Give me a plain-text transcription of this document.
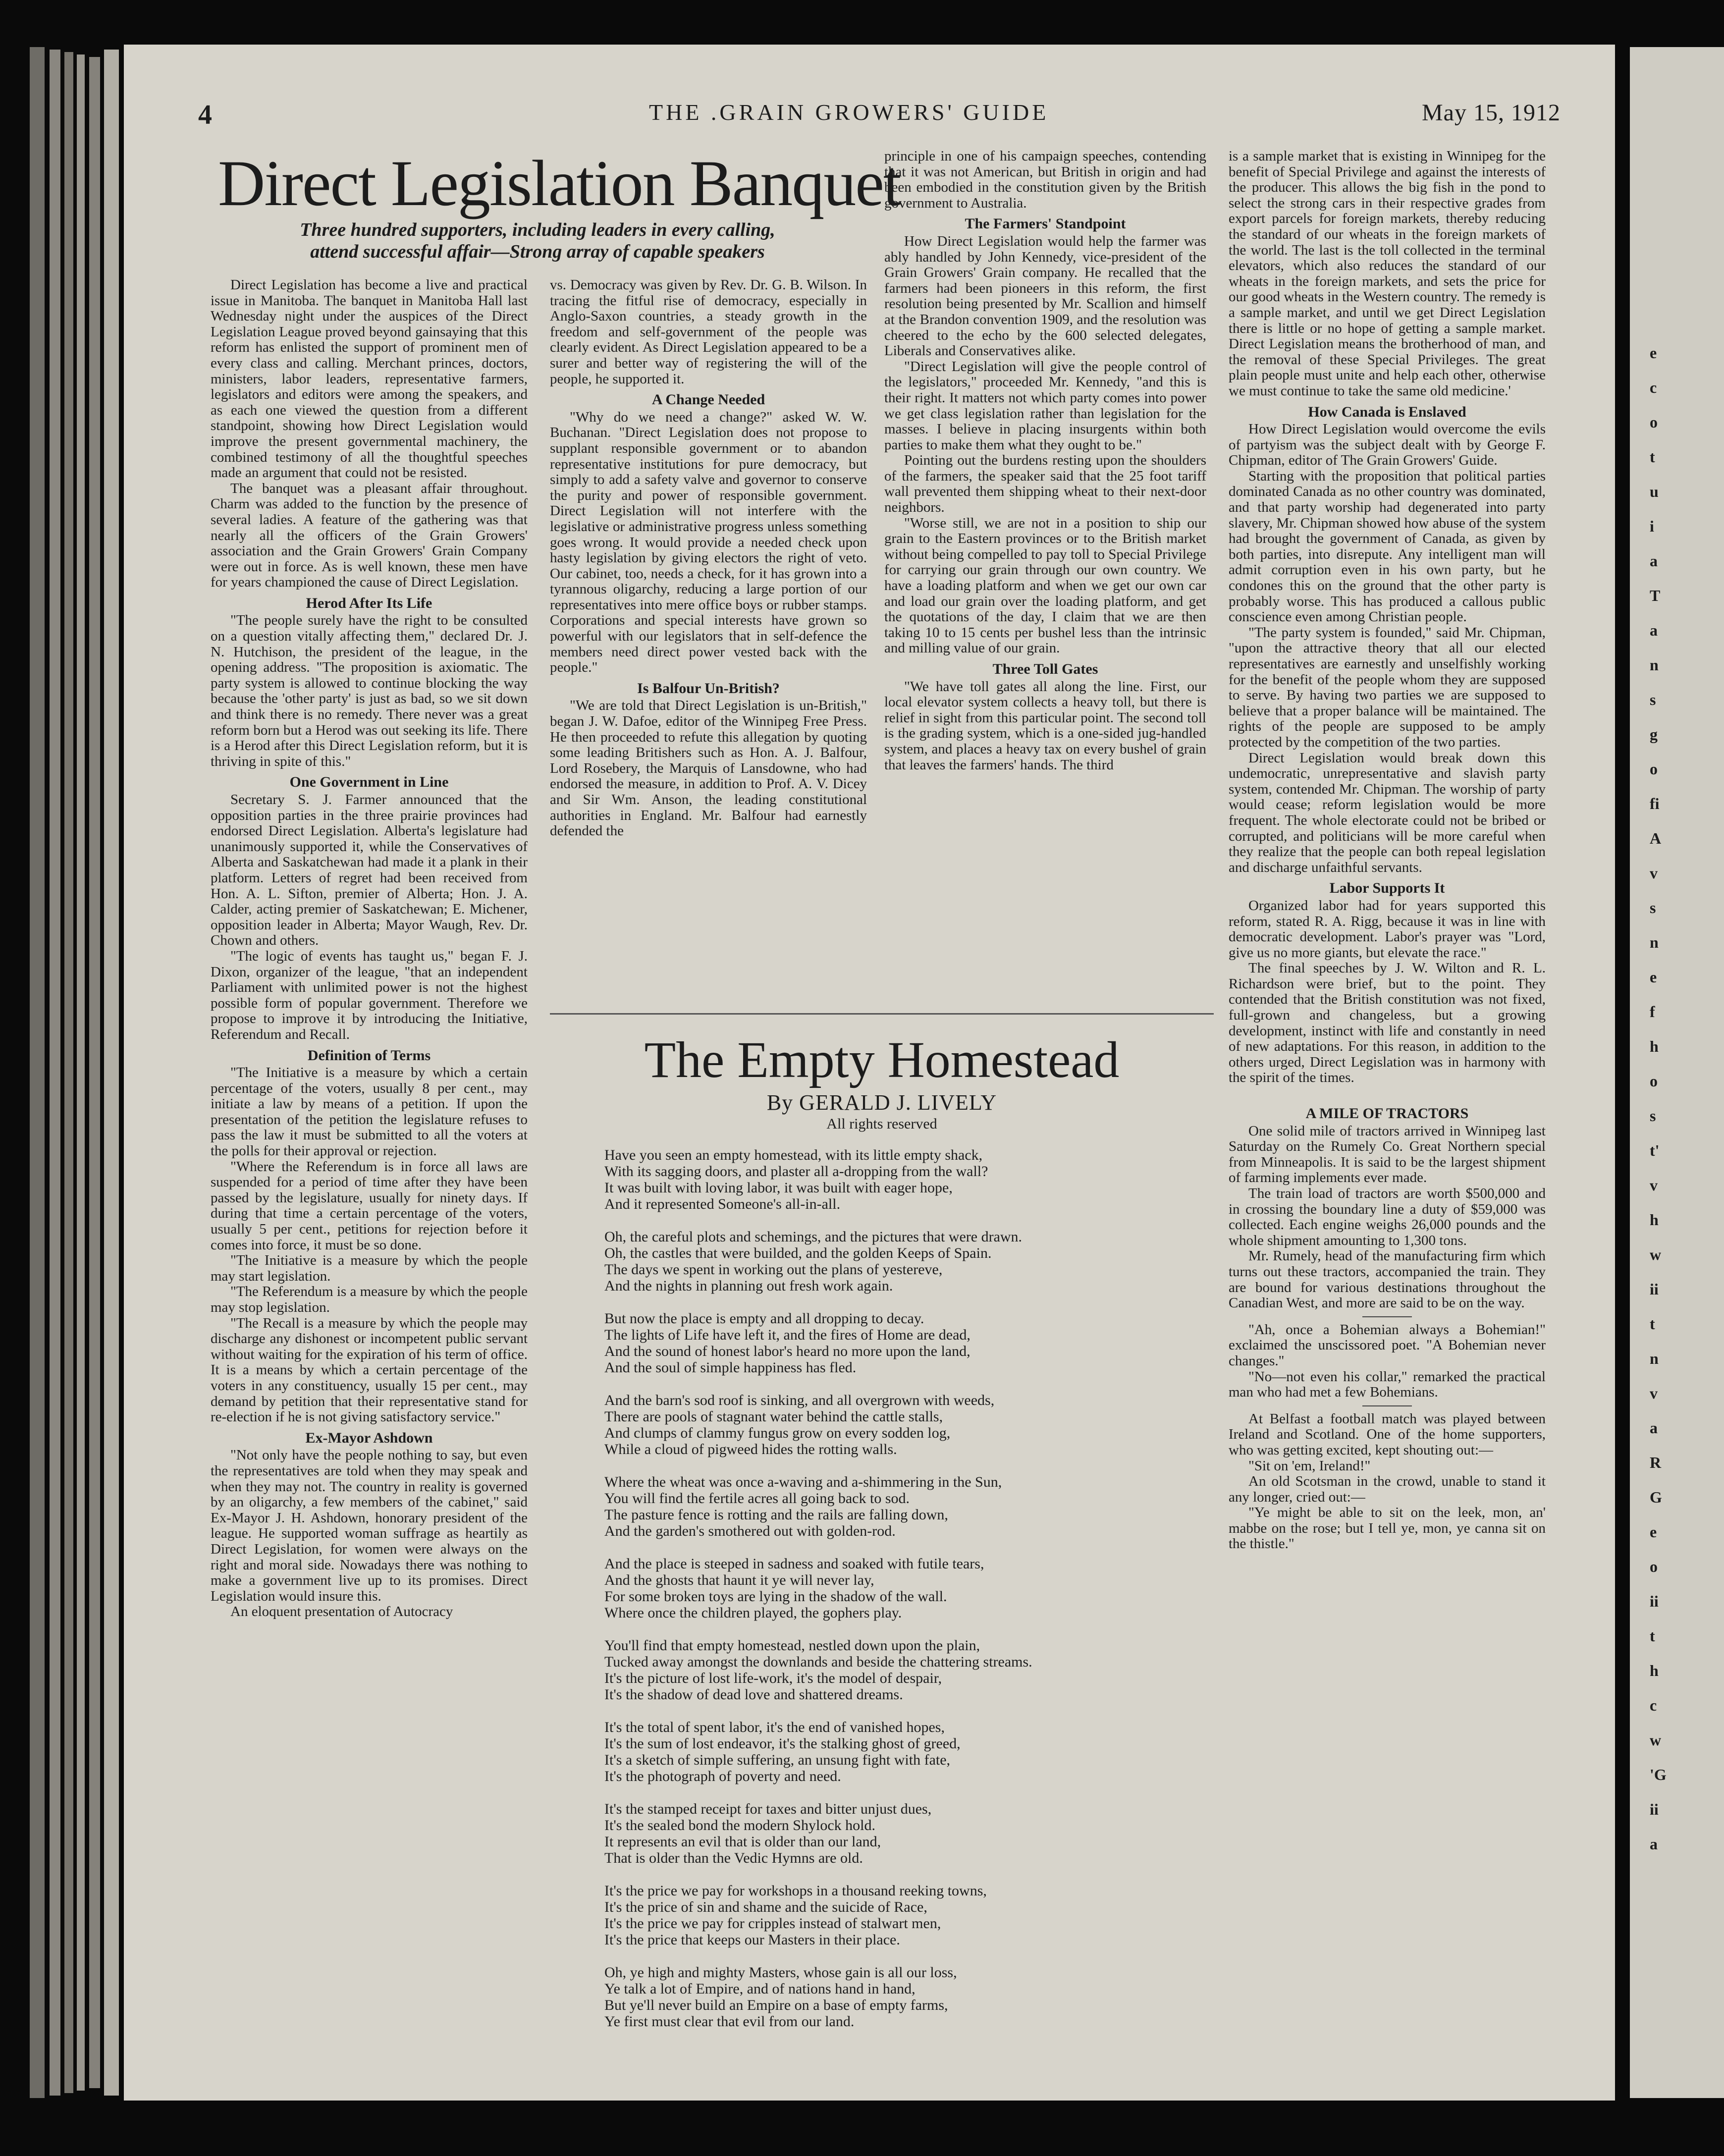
e
c
o
t
u
i
a
T
a
n
s
g
o
fi
A
v
s
n
e
f
h
o
s
t'
v
h
w
ii
t
n
v
a
R
G
e
o
ii
t
h
c
w
'G
ii
a
4	THE .GRAIN GROWERS' GUIDE	May 15, 1912
Direct Legislation Banquet
Three hundred supporters, including leaders in every calling,
attend successful affair—Strong array of capable speakers

Direct Legislation has become a live and practical issue in Manitoba. The banquet in Manitoba Hall last Wednesday night under the auspices of the Direct Legislation League proved beyond gainsaying that this reform has enlisted the support of prominent men of every class and calling. Merchant princes, doctors, ministers, labor leaders, representative farmers, legislators and editors were among the speakers, and as each one viewed the question from a different standpoint, showing how Direct Legislation would improve the present governmental machinery, the combined testimony of all the thoughtful speeches made an argument that could not be resisted.

The banquet was a pleasant affair throughout. Charm was added to the function by the presence of several ladies. A feature of the gathering was that nearly all the officers of the Grain Growers' association and the Grain Growers' Grain Company were out in force. As is well known, these men have for years championed the cause of Direct Legislation.

Herod After Its Life

"The people surely have the right to be consulted on a question vitally affecting them," declared Dr. J. N. Hutchison, the president of the league, in the opening address. "The proposition is axiomatic. The party system is allowed to continue blocking the way because the 'other party' is just as bad, so we sit down and think there is no remedy. There never was a great reform born but a Herod was out seeking its life. There is a Herod after this Direct Legislation reform, but it is thriving in spite of this."

One Government in Line

Secretary S. J. Farmer announced that the opposition parties in the three prairie provinces had endorsed Direct Legislation. Alberta's legislature had unanimously supported it, while the Conservatives of Alberta and Saskatchewan had made it a plank in their platform. Letters of regret had been received from Hon. A. L. Sifton, premier of Alberta; Hon. J. A. Calder, acting premier of Saskatchewan; E. Michener, opposition leader in Alberta; Mayor Waugh, Rev. Dr. Chown and others.

"The logic of events has taught us," began F. J. Dixon, organizer of the league, "that an independent Parliament with unlimited power is not the highest possible form of popular government. Therefore we propose to improve it by introducing the Initiative, Referendum and Recall.

Definition of Terms

"The Initiative is a measure by which a certain percentage of the voters, usually 8 per cent., may initiate a law by means of a petition. If upon the presentation of the petition the legislature refuses to pass the law it must be submitted to all the voters at the polls for their approval or rejection.

"Where the Referendum is in force all laws are suspended for a period of time after they have been passed by the legislature, usually for ninety days. If during that time a certain percentage of the voters, usually 5 per cent., petitions for rejection before it comes into force, it must be so done.

"The Initiative is a measure by which the people may start legislation.

"The Referendum is a measure by which the people may stop legislation.

"The Recall is a measure by which the people may discharge any dishonest or incompetent public servant without waiting for the expiration of his term of office. It is a means by which a certain percentage of the voters in any constituency, usually 15 per cent., may demand by petition that their representative stand for re-election if he is not giving satisfactory service."

Ex-Mayor Ashdown

"Not only have the people nothing to say, but even the representatives are told when they may speak and when they may not. The country in reality is governed by an oligarchy, a few members of the cabinet," said Ex-Mayor J. H. Ashdown, honorary president of the league. He supported woman suffrage as heartily as Direct Legislation, for women were always on the right and moral side. Nowadays there was nothing to make a government live up to its promises. Direct Legislation would insure this.

An eloquent presentation of Autocracy

vs. Democracy was given by Rev. Dr. G. B. Wilson. In tracing the fitful rise of democracy, especially in Anglo-Saxon countries, a steady growth in the freedom and self-government of the people was clearly evident. As Direct Legislation appeared to be a surer and better way of registering the will of the people, he supported it.

A Change Needed

"Why do we need a change?" asked W. W. Buchanan. "Direct Legislation does not propose to supplant responsible government or to abandon representative institutions for pure democracy, but simply to add a safety valve and governor to conserve the purity and power of responsible government. Direct Legislation will not interfere with the legislative or administrative progress unless something goes wrong. It would provide a needed check upon hasty legislation by giving electors the right of veto. Our cabinet, too, needs a check, for it has grown into a tyrannous oligarchy, reducing a large portion of our representatives into mere office boys or rubber stamps. Corporations and special interests have grown so powerful with our legislators that in self-defence the members need direct power vested back with the people."

Is Balfour Un-British?

"We are told that Direct Legislation is un-British," began J. W. Dafoe, editor of the Winnipeg Free Press. He then proceeded to refute this allegation by quoting some leading Britishers such as Hon. A. J. Balfour, Lord Rosebery, the Marquis of Lansdowne, who had endorsed the measure, in addition to Prof. A. V. Dicey and Sir Wm. Anson, the leading constitutional authorities in England. Mr. Balfour had earnestly defended the

principle in one of his campaign speeches, contending that it was not American, but British in origin and had been embodied in the constitution given by the British government to Australia.

The Farmers' Standpoint

How Direct Legislation would help the farmer was ably handled by John Kennedy, vice-president of the Grain Growers' Grain company. He recalled that the farmers had been pioneers in this reform, the first resolution being presented by Mr. Scallion and himself at the Brandon convention 1909, and the resolution was cheered to the echo by the 600 selected delegates, Liberals and Conservatives alike.

"Direct Legislation will give the people control of the legislators," proceeded Mr. Kennedy, "and this is their right. It matters not which party comes into power we get class legislation rather than legislation for the masses. I believe in placing insurgents within both parties to make them what they ought to be."

Pointing out the burdens resting upon the shoulders of the farmers, the speaker said that the 25 foot tariff wall prevented them shipping wheat to their next-door neighbors.

"Worse still, we are not in a position to ship our grain to the Eastern provinces or to the British market without being compelled to pay toll to Special Privilege for carrying our grain through our own country. We have a loading platform and when we get our own car and load our grain over the loading platform, and get the quotations of the day, I claim that we are then taking 10 to 15 cents per bushel less than the intrinsic and milling value of our grain.

Three Toll Gates

"We have toll gates all along the line. First, our local elevator system collects a heavy toll, but there is relief in sight from this particular point. The second toll is the grading system, which is a one-sided jug-handled system, and places a heavy tax on every bushel of grain that leaves the farmers' hands. The third

is a sample market that is existing in Winnipeg for the benefit of Special Privilege and against the interests of the producer. This allows the big fish in the pond to select the strong cars in their respective grades from export parcels for foreign markets, thereby reducing the standard of our wheats in the foreign markets of the world. The last is the toll collected in the terminal elevators, which also reduces the standard of our wheats in the foreign markets, and sets the price for our good wheats in the Western country. The remedy is a sample market, and until we get Direct Legislation there is little or no hope of getting a sample market. Direct Legislation means the brotherhood of man, and the removal of these Special Privileges. The great plain people must unite and help each other, otherwise we must continue to take the same old medicine.'

How Canada is Enslaved

How Direct Legislation would overcome the evils of partyism was the subject dealt with by George F. Chipman, editor of The Grain Growers' Guide.

Starting with the proposition that political parties dominated Canada as no other country was dominated, and that party worship had degenerated into party slavery, Mr. Chipman showed how abuse of the system had brought the government of Canada, as given by both parties, into disrepute. Any intelligent man will admit corruption even in his own party, but he condones this on the ground that the other party is probably worse. This has produced a callous public conscience even among Christian people.

"The party system is founded," said Mr. Chipman, "upon the attractive theory that all our elected representatives are earnestly and unselfishly working for the benefit of the people whom they are supposed to serve. By having two parties we are supposed to believe that a proper balance will be maintained. The rights of the people are supposed to be amply protected by the competition of the two parties.

Direct Legislation would break down this undemocratic, unrepresentative and slavish party system, contended Mr. Chipman. The worship of party would cease; reform legislation would be more frequent. The whole electorate could not be bribed or corrupted, and politicians will be more careful when they realize that the people can both repeal legislation and discharge unfaithful servants.

Labor Supports It

Organized labor had for years supported this reform, stated R. A. Rigg, because it was in line with democratic development. Labor's prayer was "Lord, give us no more giants, but elevate the race."

The final speeches by J. W. Wilton and R. L. Richardson were brief, but to the point. They contended that the British constitution was not fixed, full-grown and changeless, but a growing development, instinct with life and constantly in need of new adaptations. For this reason, in addition to the others urged, Direct Legislation was in harmony with the spirit of the times.

A MILE OF TRACTORS

One solid mile of tractors arrived in Winnipeg last Saturday on the Rumely Co. Great Northern special from Minneapolis. It is said to be the largest shipment of farming implements ever made.

The train load of tractors are worth $500,000 and in crossing the boundary line a duty of $59,000 was collected. Each engine weighs 26,000 pounds and the whole shipment amounting to 1,300 tons.

Mr. Rumely, head of the manufacturing firm which turns out these tractors, accompanied the train. They are bound for various destinations throughout the Canadian West, and more are said to be on the way.

"Ah, once a Bohemian always a Bohemian!" exclaimed the unscissored poet. "A Bohemian never changes."

"No—not even his collar," remarked the practical man who had met a few Bohemians.

At Belfast a football match was played between Ireland and Scotland. One of the home supporters, who was getting excited, kept shouting out:—

"Sit on 'em, Ireland!"

An old Scotsman in the crowd, unable to stand it any longer, cried out:—

"Ye might be able to sit on the leek, mon, an' mabbe on the rose; but I tell ye, mon, ye canna sit on the thistle."

The Empty Homestead
By GERALD J. LIVELY
All rights reserved
Have you seen an empty homestead, with its little empty shack,
With its sagging doors, and plaster all a-dropping from the wall?
It was built with loving labor, it was built with eager hope,
And it represented Someone's all-in-all.
Oh, the careful plots and schemings, and the pictures that were drawn.
Oh, the castles that were builded, and the golden Keeps of Spain.
The days we spent in working out the plans of yestereve,
And the nights in planning out fresh work again.
But now the place is empty and all dropping to decay.
The lights of Life have left it, and the fires of Home are dead,
And the sound of honest labor's heard no more upon the land,
And the soul of simple happiness has fled.
And the barn's sod roof is sinking, and all overgrown with weeds,
There are pools of stagnant water behind the cattle stalls,
And clumps of clammy fungus grow on every sodden log,
While a cloud of pigweed hides the rotting walls.
Where the wheat was once a-waving and a-shimmering in the Sun,
You will find the fertile acres all going back to sod.
The pasture fence is rotting and the rails are falling down,
And the garden's smothered out with golden-rod.
And the place is steeped in sadness and soaked with futile tears,
And the ghosts that haunt it ye will never lay,
For some broken toys are lying in the shadow of the wall.
Where once the children played, the gophers play.
You'll find that empty homestead, nestled down upon the plain,
Tucked away amongst the downlands and beside the chattering streams.
It's the picture of lost life-work, it's the model of despair,
It's the shadow of dead love and shattered dreams.
It's the total of spent labor, it's the end of vanished hopes,
It's the sum of lost endeavor, it's the stalking ghost of greed,
It's a sketch of simple suffering, an unsung fight with fate,
It's the photograph of poverty and need.
It's the stamped receipt for taxes and bitter unjust dues,
It's the sealed bond the modern Shylock hold.
It represents an evil that is older than our land,
That is older than the Vedic Hymns are old.
It's the price we pay for workshops in a thousand reeking towns,
It's the price of sin and shame and the suicide of Race,
It's the price we pay for cripples instead of stalwart men,
It's the price that keeps our Masters in their place.
Oh, ye high and mighty Masters, whose gain is all our loss,
Ye talk a lot of Empire, and of nations hand in hand,
But ye'll never build an Empire on a base of empty farms,
Ye first must clear that evil from our land.
